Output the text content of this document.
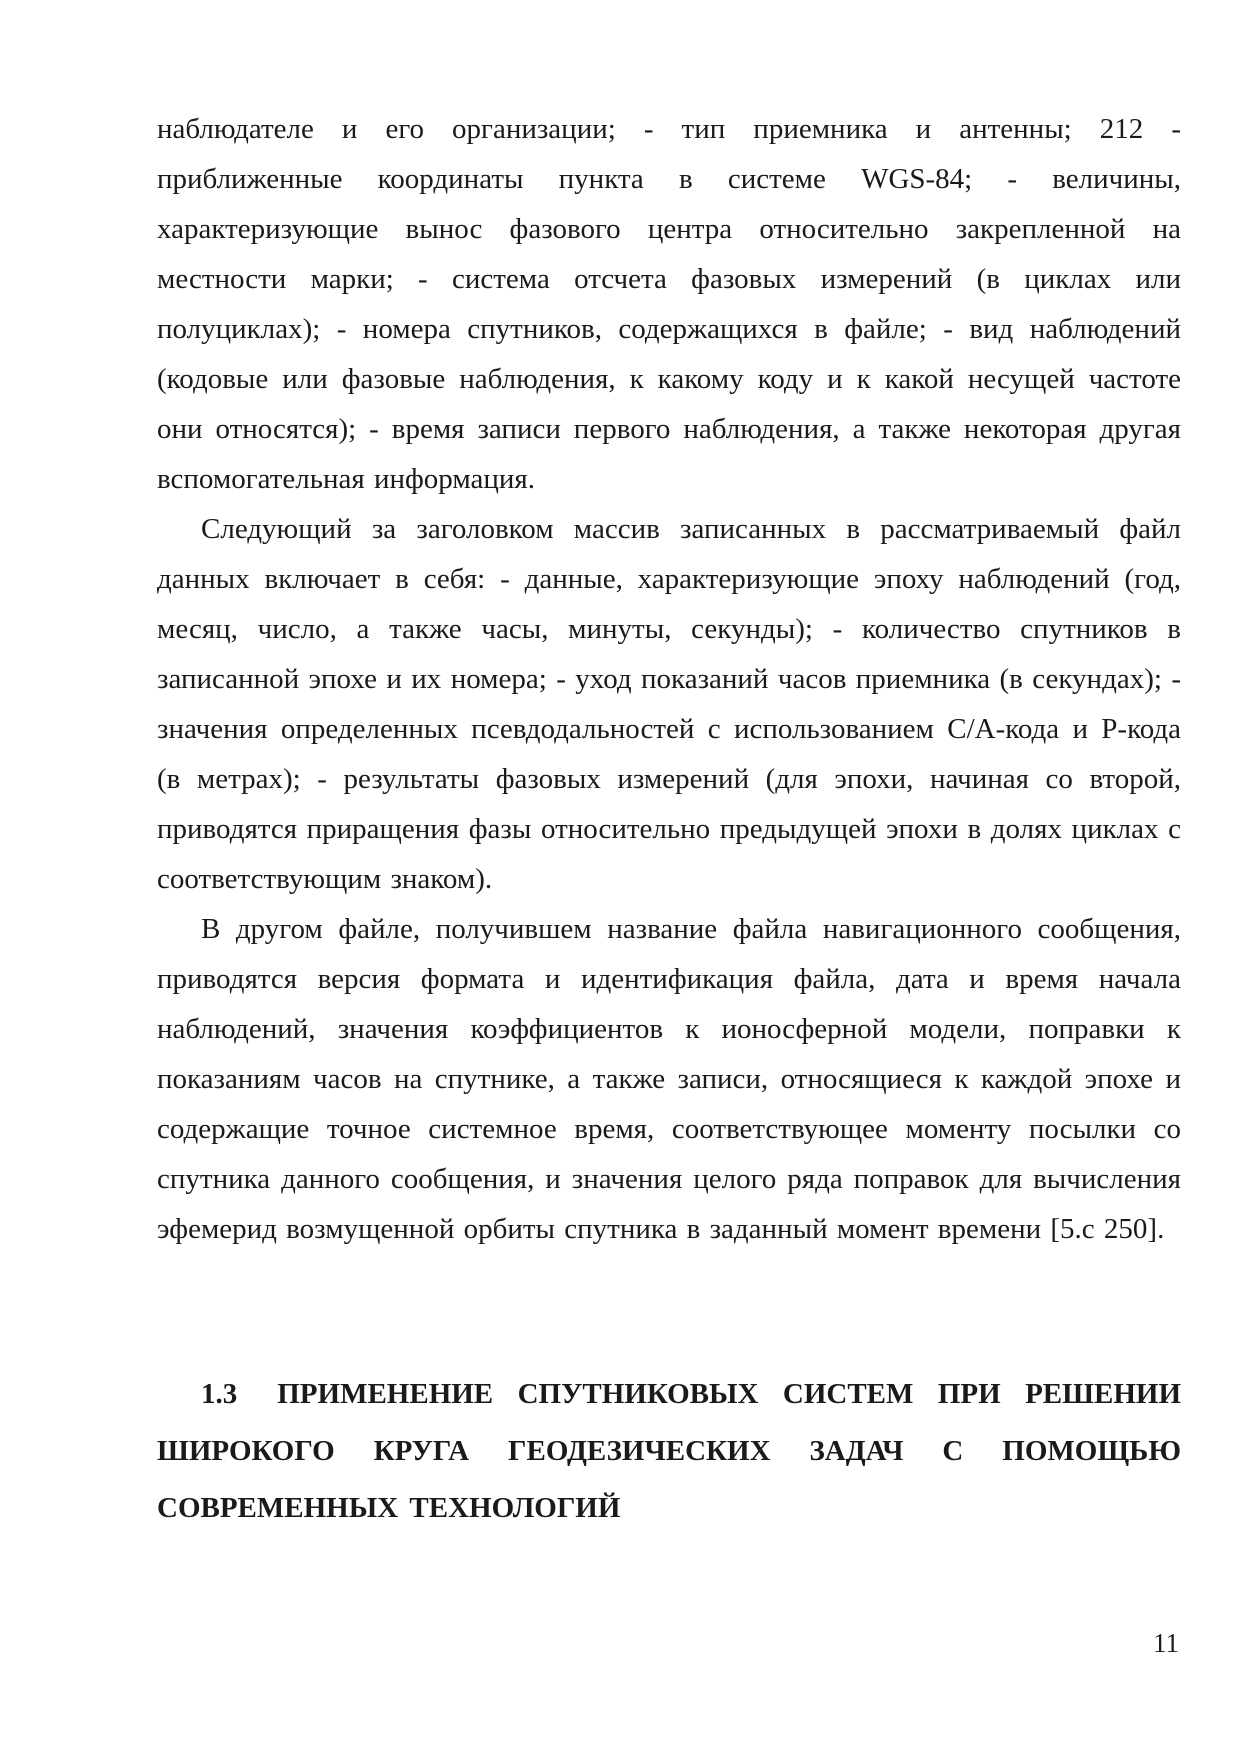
наблюдателе и его организации; - тип приемника и антенны; 212 - приближенные координаты пункта в системе WGS-84; - величины, характеризующие вынос фазового центра относительно закрепленной на местности марки; - система отсчета фазовых измерений (в циклах или полуциклах); - номера спутников, содержащихся в файле; - вид наблюдений (кодовые или фазовые наблюдения, к какому коду и к какой несущей частоте они относятся); - время записи первого наблюдения, а также некоторая другая вспомогательная информация.

Следующий за заголовком массив записанных в рассматриваемый файл данных включает в себя: - данные, характеризующие эпоху наблюдений (год, месяц, число, а также часы, минуты, секунды); - количество спутников в записанной эпохе и их номера; - уход показаний часов приемника (в секундах); - значения определенных псевдодальностей с использованием C/A-кода и P-кода (в метрах); - результаты фазовых измерений (для эпохи, начиная со второй, приводятся приращения фазы относительно предыдущей эпохи в долях циклах с соответствующим знаком).

В другом файле, получившем название файла навигационного сообщения, приводятся версия формата и идентификация файла, дата и время начала наблюдений, значения коэффициентов к ионосферной модели, поправки к показаниям часов на спутнике, а также записи, относящиеся к каждой эпохе и содержащие точное системное время, соответствующее моменту посылки со спутника данного сообщения, и значения целого ряда поправок для вычисления эфемерид возмущенной орбиты спутника в заданный момент времени [5.с 250].

1.3 ПРИМЕНЕНИЕ СПУТНИКОВЫХ СИСТЕМ ПРИ РЕШЕНИИ ШИРОКОГО КРУГА ГЕОДЕЗИЧЕСКИХ ЗАДАЧ С ПОМОЩЬЮ СОВРЕМЕННЫХ ТЕХНОЛОГИЙ

11
